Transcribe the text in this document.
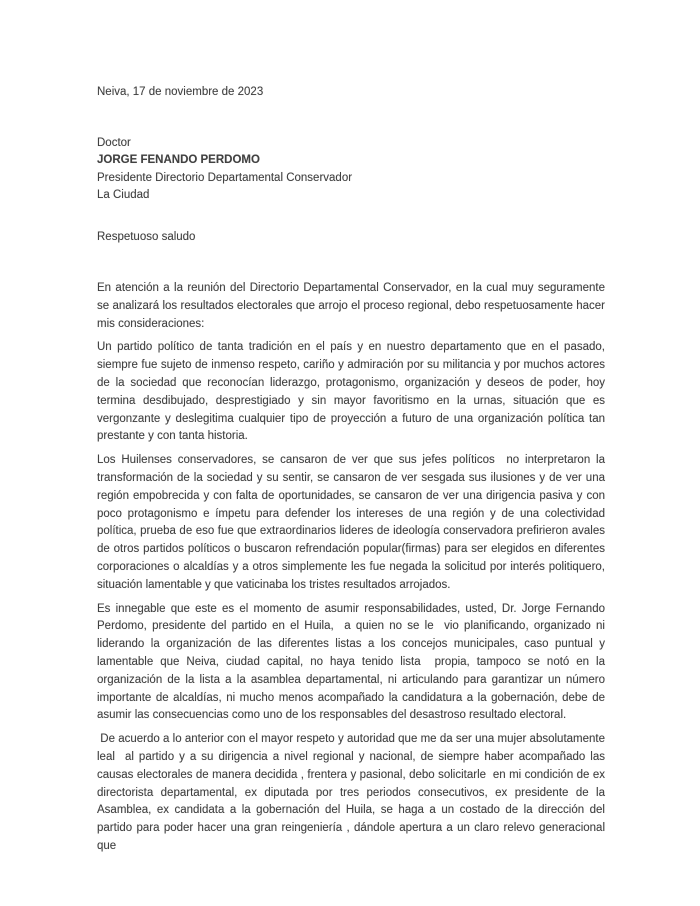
Neiva, 17 de noviembre de 2023
Doctor
JORGE FENANDO PERDOMO
Presidente Directorio Departamental Conservador
La Ciudad
Respetuoso saludo

En atención a la reunión del Directorio Departamental Conservador, en la cual muy seguramente se analizará los resultados electorales que arrojo el proceso regional, debo respetuosamente hacer mis consideraciones:

Un partido político de tanta tradición en el país y en nuestro departamento que en el pasado, siempre fue sujeto de inmenso respeto, cariño y admiración por su militancia y por muchos actores de la sociedad que reconocían liderazgo, protagonismo, organización y deseos de poder, hoy termina desdibujado, desprestigiado y sin mayor favoritismo en la urnas, situación que es vergonzante y deslegitima cualquier tipo de proyección a futuro de una organización política tan prestante y con tanta historia.

Los Huilenses conservadores, se cansaron de ver que sus jefes políticos  no interpretaron la transformación de la sociedad y su sentir, se cansaron de ver sesgada sus ilusiones y de ver una región empobrecida y con falta de oportunidades, se cansaron de ver una dirigencia pasiva y con poco protagonismo e ímpetu para defender los intereses de una región y de una colectividad política, prueba de eso fue que extraordinarios lideres de ideología conservadora prefirieron avales de otros partidos políticos o buscaron refrendación popular(firmas) para ser elegidos en diferentes corporaciones o alcaldías y a otros simplemente les fue negada la solicitud por interés politiquero, situación lamentable y que vaticinaba los tristes resultados arrojados.

Es innegable que este es el momento de asumir responsabilidades, usted, Dr. Jorge Fernando Perdomo, presidente del partido en el Huila,  a quien no se le  vio planificando, organizado ni liderando la organización de las diferentes listas a los concejos municipales, caso puntual y lamentable que Neiva, ciudad capital, no haya tenido lista  propia, tampoco se notó en la organización de la lista a la asamblea departamental, ni articulando para garantizar un número importante de alcaldías, ni mucho menos acompañado la candidatura a la gobernación, debe de asumir las consecuencias como uno de los responsables del desastroso resultado electoral.

De acuerdo a lo anterior con el mayor respeto y autoridad que me da ser una mujer absolutamente leal  al partido y a su dirigencia a nivel regional y nacional, de siempre haber acompañado las causas electorales de manera decidida , frentera y pasional, debo solicitarle  en mi condición de ex directorista departamental, ex diputada por tres periodos consecutivos, ex presidente de la Asamblea, ex candidata a la gobernación del Huila, se haga a un costado de la dirección del partido para poder hacer una gran reingeniería , dándole apertura a un claro relevo generacional que
